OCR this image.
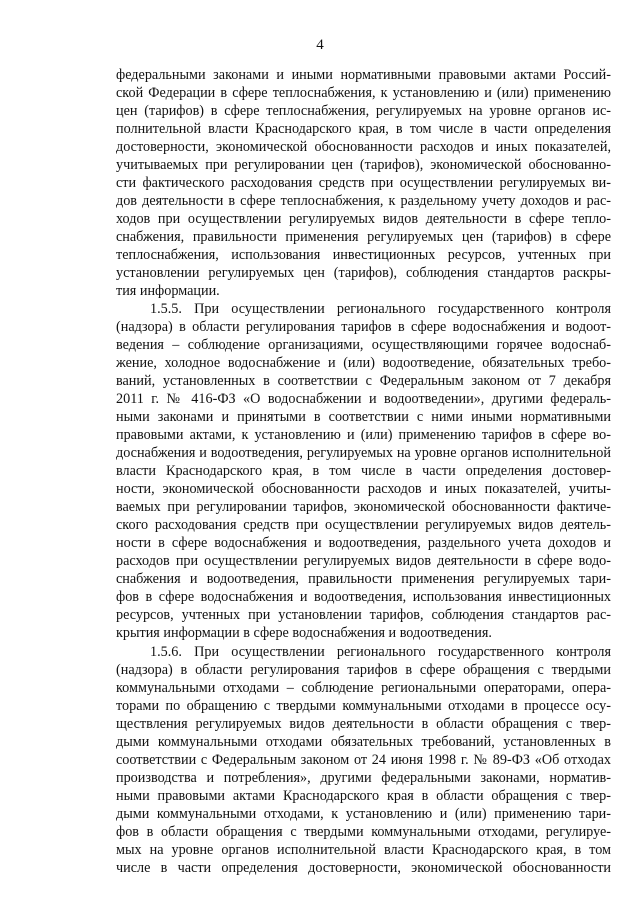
4
федеральными законами и иными нормативными правовыми актами Россий-
ской Федерации в сфере теплоснабжения, к установлению и (или) применению
цен (тарифов) в сфере теплоснабжения, регулируемых на уровне органов ис-
полнительной власти Краснодарского края, в том числе в части определения
достоверности, экономической обоснованности расходов и иных показателей,
учитываемых при регулировании цен (тарифов), экономической обоснованно-
сти фактического расходования средств при осуществлении регулируемых ви-
дов деятельности в сфере теплоснабжения, к раздельному учету доходов и рас-
ходов при осуществлении регулируемых видов деятельности в сфере тепло-
снабжения, правильности применения регулируемых цен (тарифов) в сфере
теплоснабжения, использования инвестиционных ресурсов, учтенных при
установлении регулируемых цен (тарифов), соблюдения стандартов раскры-
тия информации.
1.5.5. При осуществлении регионального государственного контроля
(надзора) в области регулирования тарифов в сфере водоснабжения и водоот-
ведения – соблюдение организациями, осуществляющими горячее водоснаб-
жение, холодное водоснабжение и (или) водоотведение, обязательных требо-
ваний, установленных в соответствии с Федеральным законом от 7 декабря
2011 г. № 416-ФЗ «О водоснабжении и водоотведении», другими федераль-
ными законами и принятыми в соответствии с ними иными нормативными
правовыми актами, к установлению и (или) применению тарифов в сфере во-
доснабжения и водоотведения, регулируемых на уровне органов исполнительной
власти Краснодарского края, в том числе в части определения достовер-
ности, экономической обоснованности расходов и иных показателей, учиты-
ваемых при регулировании тарифов, экономической обоснованности фактиче-
ского расходования средств при осуществлении регулируемых видов деятель-
ности в сфере водоснабжения и водоотведения, раздельного учета доходов и
расходов при осуществлении регулируемых видов деятельности в сфере водо-
снабжения и водоотведения, правильности применения регулируемых тари-
фов в сфере водоснабжения и водоотведения, использования инвестиционных
ресурсов, учтенных при установлении тарифов, соблюдения стандартов рас-
крытия информации в сфере водоснабжения и водоотведения.
1.5.6. При осуществлении регионального государственного контроля
(надзора) в области регулирования тарифов в сфере обращения с твердыми
коммунальными отходами – соблюдение региональными операторами, опера-
торами по обращению с твердыми коммунальными отходами в процессе осу-
ществления регулируемых видов деятельности в области обращения с твер-
дыми коммунальными отходами обязательных требований, установленных в
соответствии с Федеральным законом от 24 июня 1998 г. № 89-ФЗ «Об отходах
производства и потребления», другими федеральными законами, норматив-
ными правовыми актами Краснодарского края в области обращения с твер-
дыми коммунальными отходами, к установлению и (или) применению тари-
фов в области обращения с твердыми коммунальными отходами, регулируе-
мых на уровне органов исполнительной власти Краснодарского края, в том
числе в части определения достоверности, экономической обоснованности
